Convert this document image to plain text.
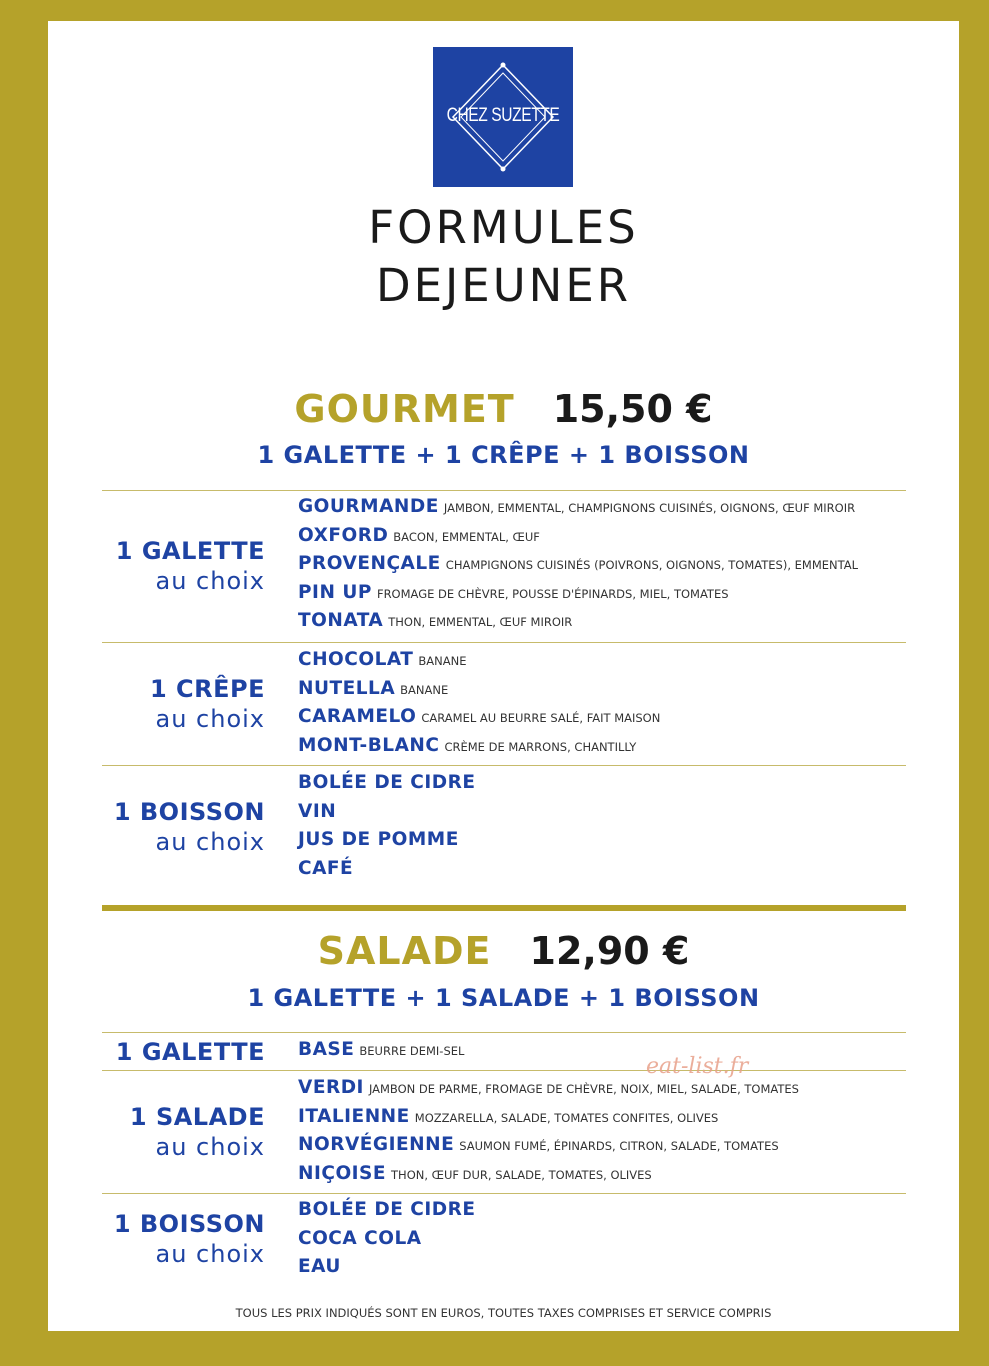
CHEZ SUZETTE
FORMULES
DEJEUNER
GOURMET 15,50 €
1 GALETTE + 1 CRÊPE + 1 BOISSON
1 GALETTE
au choix
GOURMANDE JAMBON, EMMENTAL, CHAMPIGNONS CUISINÉS, OIGNONS, ŒUF MIROIR
OXFORD BACON, EMMENTAL, ŒUF
PROVENÇALE CHAMPIGNONS CUISINÉS (POIVRONS, OIGNONS, TOMATES), EMMENTAL
PIN UP FROMAGE DE CHÈVRE, POUSSE D'ÉPINARDS, MIEL, TOMATES
TONATA THON, EMMENTAL, ŒUF MIROIR
1 CRÊPE
au choix
CHOCOLAT BANANE
NUTELLA BANANE
CARAMELO CARAMEL AU BEURRE SALÉ, FAIT MAISON
MONT-BLANC CRÈME DE MARRONS, CHANTILLY
1 BOISSON
au choix
BOLÉE DE CIDRE
VIN
JUS DE POMME
CAFÉ
SALADE 12,90 €
1 GALETTE + 1 SALADE + 1 BOISSON
1 GALETTE BASE BEURRE DEMI-SEL
1 SALADE
au choix
VERDI JAMBON DE PARME, FROMAGE DE CHÈVRE, NOIX, MIEL, SALADE, TOMATES
ITALIENNE MOZZARELLA, SALADE, TOMATES CONFITES, OLIVES
NORVÉGIENNE SAUMON FUMÉ, ÉPINARDS, CITRON, SALADE, TOMATES
NIÇOISE THON, ŒUF DUR, SALADE, TOMATES, OLIVES
1 BOISSON
au choix
BOLÉE DE CIDRE
COCA COLA
EAU
eat-list.fr
TOUS LES PRIX INDIQUÉS SONT EN EUROS, TOUTES TAXES COMPRISES ET SERVICE COMPRIS
